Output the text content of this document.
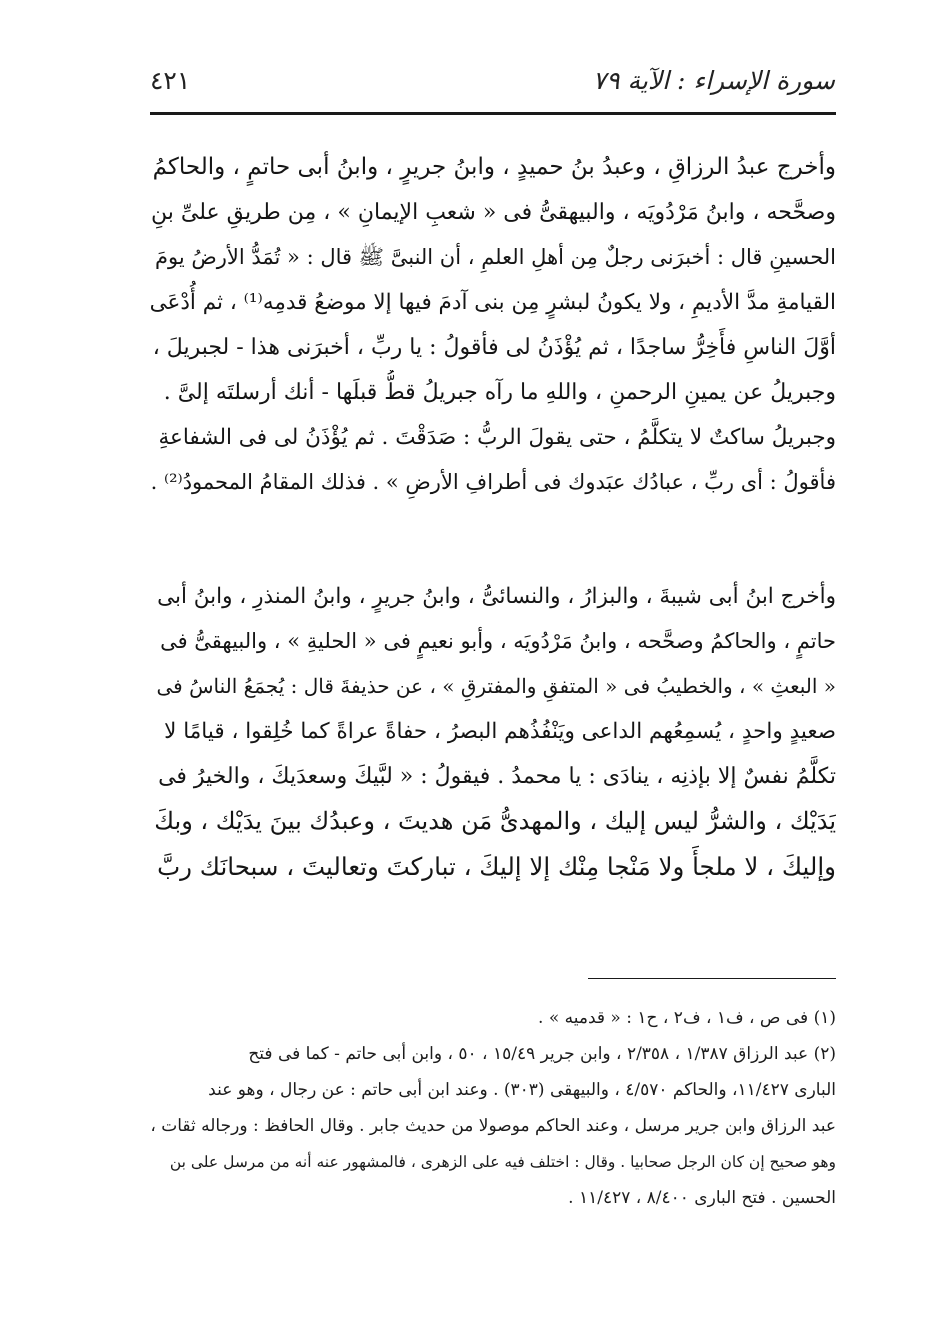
سورة الإسراء : الآية ٧٩
٤٢١
وأخرج عبدُ الرزاقِ ، وعبدُ بنُ حميدٍ ، وابنُ جريرٍ ، وابنُ أبى حاتمٍ ، والحاكمُ
وصحَّحه ، وابنُ مَرْدُويَه ، والبيهقىُّ فى « شعبِ الإيمانِ » ، مِن طريقِ علىِّ بنِ
الحسينِ قال : أخبرَنى رجلٌ مِن أهلِ العلمِ ، أن النبىَّ ﷺ قال : « تُمَدُّ الأرضُ يومَ
القيامةِ مدَّ الأديمِ ، ولا يكونُ لبشرٍ مِن بنى آدمَ فيها إلا موضعُ قدمِه⁽¹⁾ ، ثم أُدْعَى
أوَّلَ الناسِ فأَخِرُّ ساجدًا ، ثم يُؤْذَنُ لى فأقولُ : يا ربِّ ، أخبرَنى هذا - لجبريلَ ،
وجبريلُ عن يمينِ الرحمنِ ، واللهِ ما رآه جبريلُ قطُّ قبلَها - أنك أرسلتَه إلىَّ .
وجبريلُ ساكتٌ لا يتكلَّمُ ، حتى يقولَ الربُّ : صَدَقْتَ . ثم يُؤْذَنُ لى فى الشفاعةِ
فأقولُ : أى ربِّ ، عبادُك عبَدوك فى أطرافِ الأرضِ » . فذلك المقامُ المحمودُ⁽²⁾ .
وأخرج ابنُ أبى شيبةَ ، والبزارُ ، والنسائىُّ ، وابنُ جريرٍ ، وابنُ المنذرِ ، وابنُ أبى
حاتمٍ ، والحاكمُ وصحَّحه ، وابنُ مَرْدُويَه ، وأبو نعيمٍ فى « الحليةِ » ، والبيهقىُّ فى
« البعثِ » ، والخطيبُ فى « المتفقِ والمفترقِ » ، عن حذيفةَ قال : يُجمَعُ الناسُ فى
صعيدٍ واحدٍ ، يُسمِعُهم الداعى ويَنْفُذُهم البصرُ ، حفاةً عراةً كما خُلِقوا ، قيامًا لا
تكلَّمُ نفسٌ إلا بإذنِه ، ينادَى : يا محمدُ . فيقولُ : « لبَّيكَ وسعدَيكَ ، والخيرُ فى
يَدَيْك ، والشرُّ ليس إليك ، والمهدىُّ مَن هديتَ ، وعبدُك بينَ يدَيْك ، وبكَ
وإليكَ ، لا ملجأَ ولا مَنْجا مِنْك إلا إليكَ ، تباركتَ وتعاليتَ ، سبحانَك ربَّ
(١) فى ص ، ف١ ، ف٢ ، ح١ : « قدميه » .
(٢) عبد الرزاق ١/٣٨٧ ، ٢/٣٥٨ ، وابن جرير ١٥/٤٩ ، ٥٠ ، وابن أبى حاتم - كما فى فتح
البارى ١١/٤٢٧، والحاكم ٤/٥٧٠ ، والبيهقى (٣٠٣) . وعند ابن أبى حاتم : عن رجال ، وهو عند
عبد الرزاق وابن جرير مرسل ، وعند الحاكم موصولا من حديث جابر . وقال الحافظ : ورجاله ثقات ،
وهو صحيح إن كان الرجل صحابيا . وقال : اختلف فيه على الزهرى ، فالمشهور عنه أنه من مرسل على بن
الحسين . فتح البارى ٨/٤٠٠ ، ١١/٤٢٧ .
